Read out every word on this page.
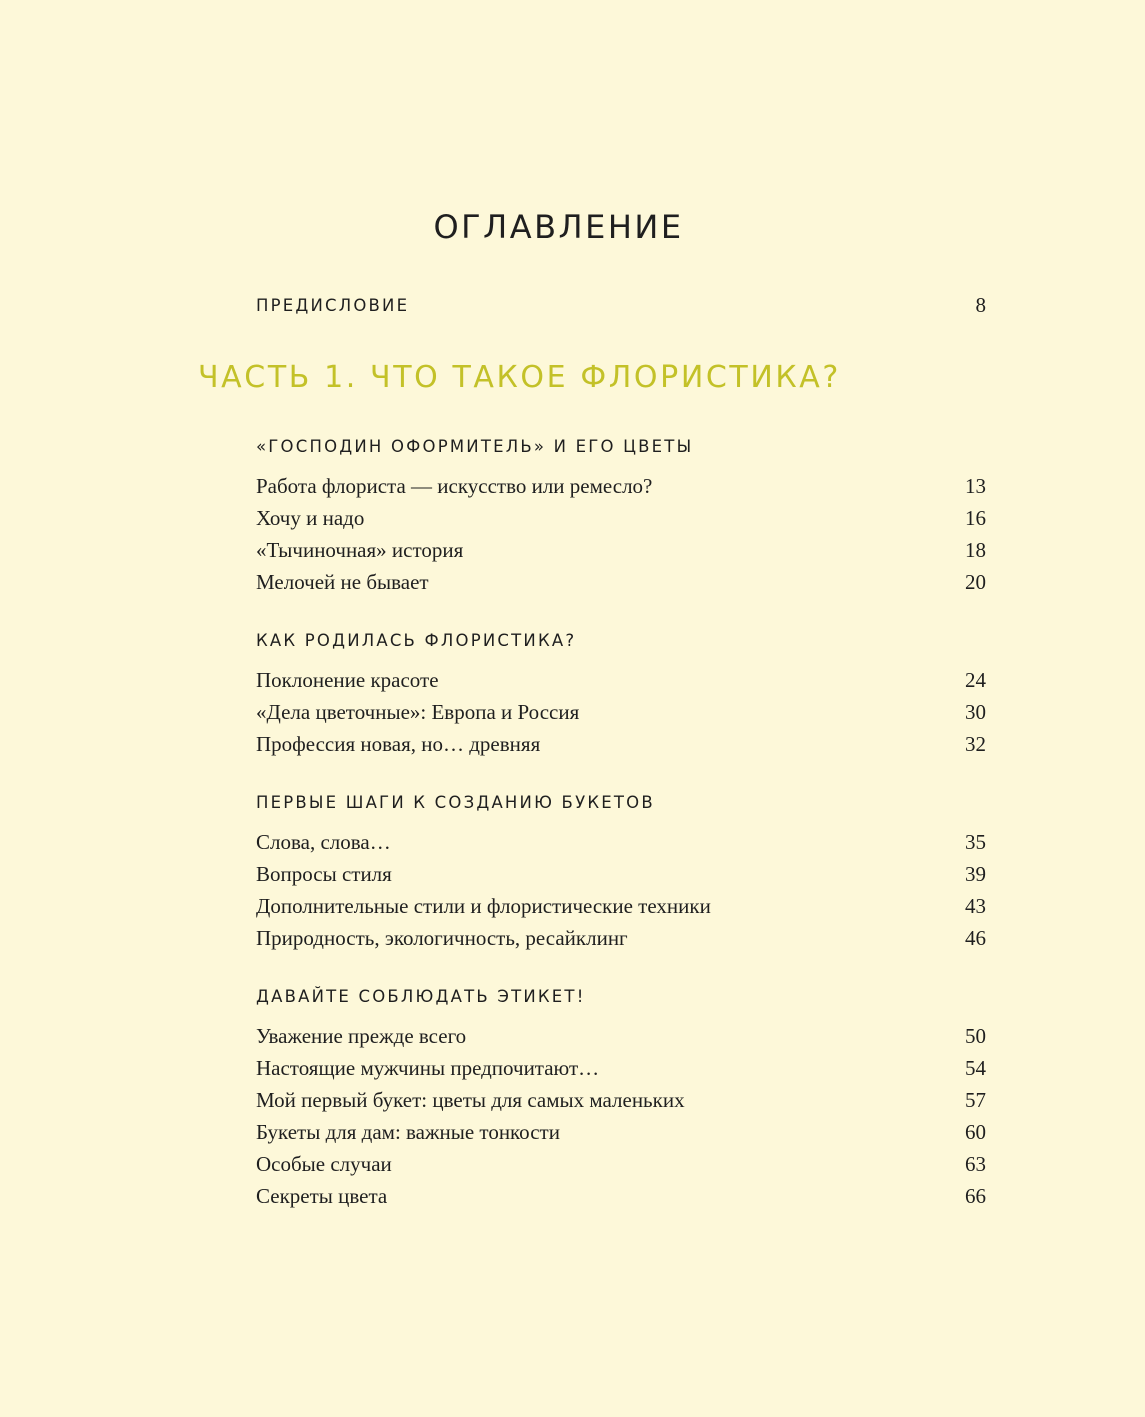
ОГЛАВЛЕНИЕ
ПРЕДИСЛОВИЕ	8
ЧАСТЬ 1. ЧТО ТАКОЕ ФЛОРИСТИКА?
«ГОСПОДИН ОФОРМИТЕЛЬ» И ЕГО ЦВЕТЫ
Работа флориста — искусство или ремесло?	13
Хочу и надо	16
«Тычиночная» история	18
Мелочей не бывает	20
КАК РОДИЛАСЬ ФЛОРИСТИКА?
Поклонение красоте	24
«Дела цветочные»: Европа и Россия	30
Профессия новая, но… древняя	32
ПЕРВЫЕ ШАГИ К СОЗДАНИЮ БУКЕТОВ
Слова, слова…	35
Вопросы стиля	39
Дополнительные стили и флористические техники	43
Природность, экологичность, ресайклинг	46
ДАВАЙТЕ СОБЛЮДАТЬ ЭТИКЕТ!
Уважение прежде всего	50
Настоящие мужчины предпочитают…	54
Мой первый букет: цветы для самых маленьких	57
Букеты для дам: важные тонкости	60
Особые случаи	63
Секреты цвета	66
